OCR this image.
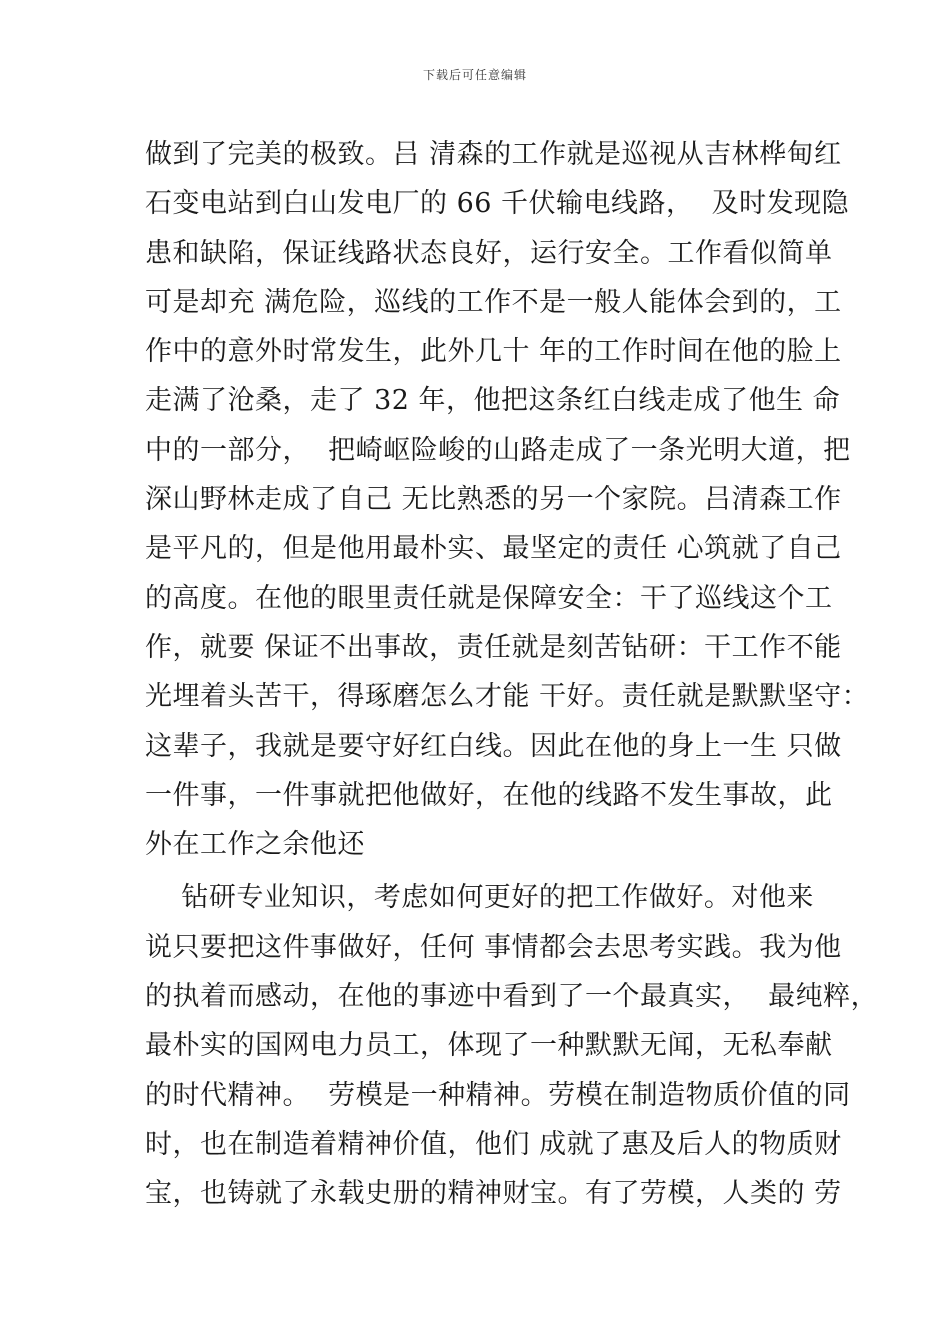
下载后可任意编辑
做到了完美的极致。吕 清森的工作就是巡视从吉林桦甸红
石变电站到白山发电厂的 66 千伏输电线路，  及时发现隐
患和缺陷，保证线路状态良好，运行安全。工作看似简单
可是却充 满危险，巡线的工作不是一般人能体会到的，工
作中的意外时常发生，此外几十 年的工作时间在他的脸上
走满了沧桑，走了 32 年，他把这条红白线走成了他生 命
中的一部分，  把崎岖险峻的山路走成了一条光明大道，把
深山野林走成了自己 无比熟悉的另一个家院。吕清森工作
是平凡的，但是他用最朴实、最坚定的责任 心筑就了自己
的高度。在他的眼里责任就是保障安全：干了巡线这个工
作，就要 保证不出事故，责任就是刻苦钻研：干工作不能
光埋着头苦干，得琢磨怎么才能 干好。责任就是默默坚守：
这辈子，我就是要守好红白线。因此在他的身上一生 只做
一件事，一件事就把他做好，在他的线路不发生事故，此
外在工作之余他还
钻研专业知识，考虑如何更好的把工作做好。对他来
说只要把这件事做好，任何 事情都会去思考实践。我为他
的执着而感动，在他的事迹中看到了一个最真实，  最纯粹，
最朴实的国网电力员工，体现了一种默默无闻，无私奉献
的时代精神。  劳模是一种精神。劳模在制造物质价值的同
时，也在制造着精神价值，他们 成就了惠及后人的物质财
宝，也铸就了永载史册的精神财宝。有了劳模，人类的 劳
